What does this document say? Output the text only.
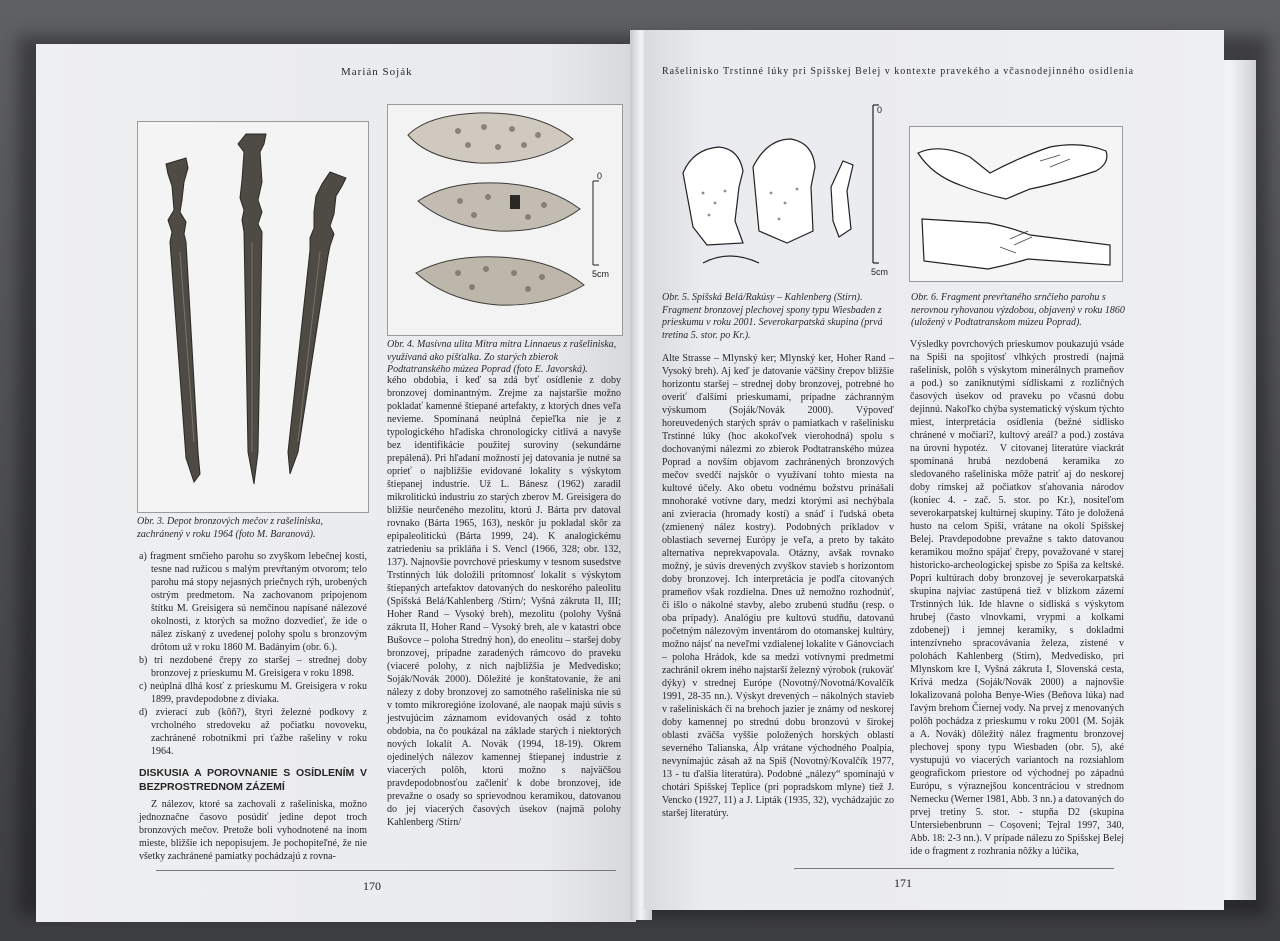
Marián Soják
Obr. 3. Depot bronzových mečov z rašeliniska, zachránený v roku 1964 (foto M. Baranová).
0
5cm
Obr. 4. Masívna ulita Mitra mitra Linnaeus z rašeliniska, využívaná ako píšťalka. Zo starých zbierok Podtatranského múzea Poprad (foto E. Javorská).

a) fragment srnčieho parohu so zvyškom lebečnej kosti, tesne nad ružicou s malým prevŕtaným otvorom; telo parohu má stopy nejasných priečnych rýh, urobených ostrým predmetom. Na zachovanom pripojenom štítku M. Greisigera sú nemčinou napísané nálezové okolnosti, z ktorých sa možno dozvedieť, že ide o nález získaný z uvedenej polohy spolu s bronzovým drôtom už v roku 1860 M. Badányim (obr. 6.).

b) tri nezdobené črepy zo staršej – strednej doby bronzovej z prieskumu M. Greisigera v roku 1898.

c) neúplná dlhá kosť z prieskumu M. Greisigera v roku 1899, pravdepodobne z diviaka.

d) zvierací zub (kôň?), štyri železné podkovy z vrcholného stredoveku až počiatku novoveku, zachránené robotníkmi pri ťažbe rašeliny v roku 1964.

DISKUSIA A POROVNANIE S OSÍDLENÍM V BEZPROSTREDNOM ZÁZEMÍ

Z nálezov, ktoré sa zachovali z rašeliniska, možno jednoznačne časovo posúdiť jedine depot troch bronzových mečov. Pretože boli vyhodnotené na inom mieste, bližšie ich nepopisujem. Je pochopiteľné, že nie všetky zachránené pamiatky pochádzajú z rovna-

kého obdobia, i keď sa zdá byť osídlenie z doby bronzovej dominantným. Zrejme za najstaršie možno pokladať kamenné štiepané artefakty, z ktorých dnes veľa nevieme. Spomínaná neúplná čepieľka nie je z typologického hľadiska chronologicky citlivá a navyše bez identifikácie použitej suroviny (sekundárne prepálená). Pri hľadaní možností jej datovania je nutné sa oprieť o najbližšie evidované lokality s výskytom štiepanej industrie. Už L. Bánesz (1962) zaradil mikrolitickú industriu zo starých zberov M. Greisigera do bližšie neurčeného mezolitu, ktorú J. Bárta prv datoval rovnako (Bárta 1965, 163), neskôr ju pokladal skôr za epipaleolitickú (Bárta 1999, 24). K analogickému zatriedeniu sa prikláňa i S. Vencl (1966, 328; obr. 132, 137). Najnovšie povrchové prieskumy v tesnom susedstve Trstinných lúk doložili prítomnosť lokalít s výskytom štiepaných artefaktov datovaných do neskorého paleolitu (Spišská Belá/Kahlenberg /Stirn/; Vyšná zákruta II, III; Hoher Rand – Vysoký breh), mezolitu (polohy Vyšná zákruta II, Hoher Rand – Vysoký breh, ale v katastri obce Bušovce – poloha Stredný hon), do eneolitu – staršej doby bronzovej, prípadne zaradených rámcovo do praveku (viaceré polohy, z nich najbližšia je Medvedisko; Soják/Novák 2000). Dôležité je konštatovanie, že ani nálezy z doby bronzovej zo samotného rašeliniska nie sú v tomto mikroregióne izolované, ale naopak majú súvis s jestvujúcim záznamom evidovaných osád z tohto obdobia, na čo poukázal na základe starých i niektorých nových lokalít A. Novák (1994, 18-19). Okrem ojedinelých nálezov kamennej štiepanej industrie z viacerých polôh, ktorú možno s najväčšou pravdepodobnosťou začleniť k dobe bronzovej, ide prevažne o osady so sprievodnou keramikou, datovanou do jej viacerých časových úsekov (najmä polohy Kahlenberg /Stirn/

170
Rašelinisko Trstinné lúky pri Spišskej Belej v kontexte pravekého a včasnodejinného osídlenia
0
5cm
Obr. 5. Spišská Belá/Rakúsy – Kahlenberg (Stirn). Fragment bronzovej plechovej spony typu Wiesbaden z prieskumu v roku 2001. Severokarpatská skupina (prvá tretina 5. stor. po Kr.).
Obr. 6. Fragment prevŕtaného srnčieho parohu s nerovnou ryhovanou výzdobou, objavený v roku 1860 (uložený v Podtatranskom múzeu Poprad).

Alte Strasse – Mlynský ker; Mlynský ker, Hoher Rand – Vysoký breh). Aj keď je datovanie väčšiny črepov bližšie horizontu staršej – strednej doby bronzovej, potrebné ho overiť ďalšími prieskumami, prípadne záchranným výskumom (Soják/Novák 2000). Výpoveď horeuvedených starých správ o pamiatkach v rašelinisku Trstinné lúky (hoc akokoľvek vierohodná) spolu s dochovanými nálezmi zo zbierok Podtatranského múzea Poprad a novším objavom zachránených bronzových mečov svedčí najskôr o využívaní tohto miesta na kultové účely. Ako obetu vodnému božstvu prinášali mnohoraké votívne dary, medzi ktorými asi nechýbala ani zvieracia (hromady kostí) a snáď i ľudská obeta (zmienený nález kostry). Podobných príkladov v oblastiach severnej Európy je veľa, a preto by takáto alternatíva neprekvapovala. Otázny, avšak rovnako možný, je súvis drevených zvyškov stavieb s horizontom doby bronzovej. Ich interpretácia je podľa citovaných prameňov však rozdielna. Dnes už nemožno rozhodnúť, či išlo o nákolné stavby, alebo zrubenú studňu (resp. o oba prípady). Analógiu pre kultovú studňu, datovanú početným nálezovým inventárom do otomanskej kultúry, možno nájsť na neveľmi vzdialenej lokalite v Gánovciach – poloha Hrádok, kde sa medzi votívnymi predmetmi zachránil okrem iného najstarší železný výrobok (rukoväť dýky) v strednej Európe (Novotný/Novotná/Kovalčík 1991, 28-35 nn.). Výskyt drevených – nákolných stavieb v rašeliniskách či na brehoch jazier je známy od neskorej doby kamennej po strednú dobu bronzovú v širokej oblasti zväčša vyššie položených horských oblastí severného Talianska, Álp vrátane východného Poalpia, nevynímajúc zásah až na Spiš (Novotný/Kovalčík 1977, 13 - tu ďalšia literatúra). Podobné „nálezy“ spomínajú v chotári Spišskej Teplice (pri popradskom mlyne) tiež J. Vencko (1927, 11) a J. Lipták (1935, 32), vychádzajúc zo staršej literatúry.

Výsledky povrchových prieskumov poukazujú vsáde na Spiši na spojitosť vlhkých prostredí (najmä rašelinísk, polôh s výskytom minerálnych prameňov a pod.) so zaniknutými sídliskami z rozličných časových úsekov od praveku po včasnú dobu dejinnú. Nakoľko chýba systematický výskum týchto miest, interpretácia osídlenia (bežné sídlisko chránené v močiari?, kultový areál? a pod.) zostáva na úrovni hypotéz.   V citovanej literatúre viackrát spomínaná hrubá nezdobená keramika zo sledovaného rašeliniska môže patriť aj do neskorej doby rímskej až počiatkov sťahovania národov (koniec 4. - zač. 5. stor. po Kr.), nositeľom severokarpatskej kultúrnej skupiny. Táto je doložená husto na celom Spiši, vrátane na okolí Spišskej Belej. Pravdepodobne prevažne s takto datovanou keramikou možno spájať črepy, považované v starej historicko-archeologickej spisbe zo Spiša za keltské. Popri kultúrach doby bronzovej je severokarpatská skupina najviac zastúpená tiež v blízkom zázemí Trstinných lúk. Ide hlavne o sídliská s výskytom hrubej (často vlnovkami, vrypmi a kolkami zdobenej) i jemnej keramiky, s dokladmi intenzívneho spracovávania železa, zistené v polohách Kahlenberg (Stirn), Medvedisko, pri Mlynskom kre I, Vyšná zákruta I, Slovenská cesta, Krivá medza (Soják/Novák 2000) a najnovšie lokalizovaná poloha Benye-Wies (Beňova lúka) nad ľavým brehom Čiernej vody. Na prvej z menovaných polôh pochádza z prieskumu v roku 2001 (M. Soják a A. Novák) dôležitý nález fragmentu bronzovej plechovej spony typu Wiesbaden (obr. 5), aké vystupujú vo viacerých variantoch na rozsiahlom geografickom priestore od východnej po západnú Európu, s výraznejšou koncentráciou v strednom Nemecku (Werner 1981, Abb. 3 nn.) a datovaných do prvej tretiny 5. stor. - stupňa D2 (skupina Untersiebenbrunn – Coșoveni; Tejral 1997, 340, Abb. 18: 2-3 nn.). V prípade nálezu zo Spišskej Belej ide o fragment z rozhrania nôžky a lúčika,

171
